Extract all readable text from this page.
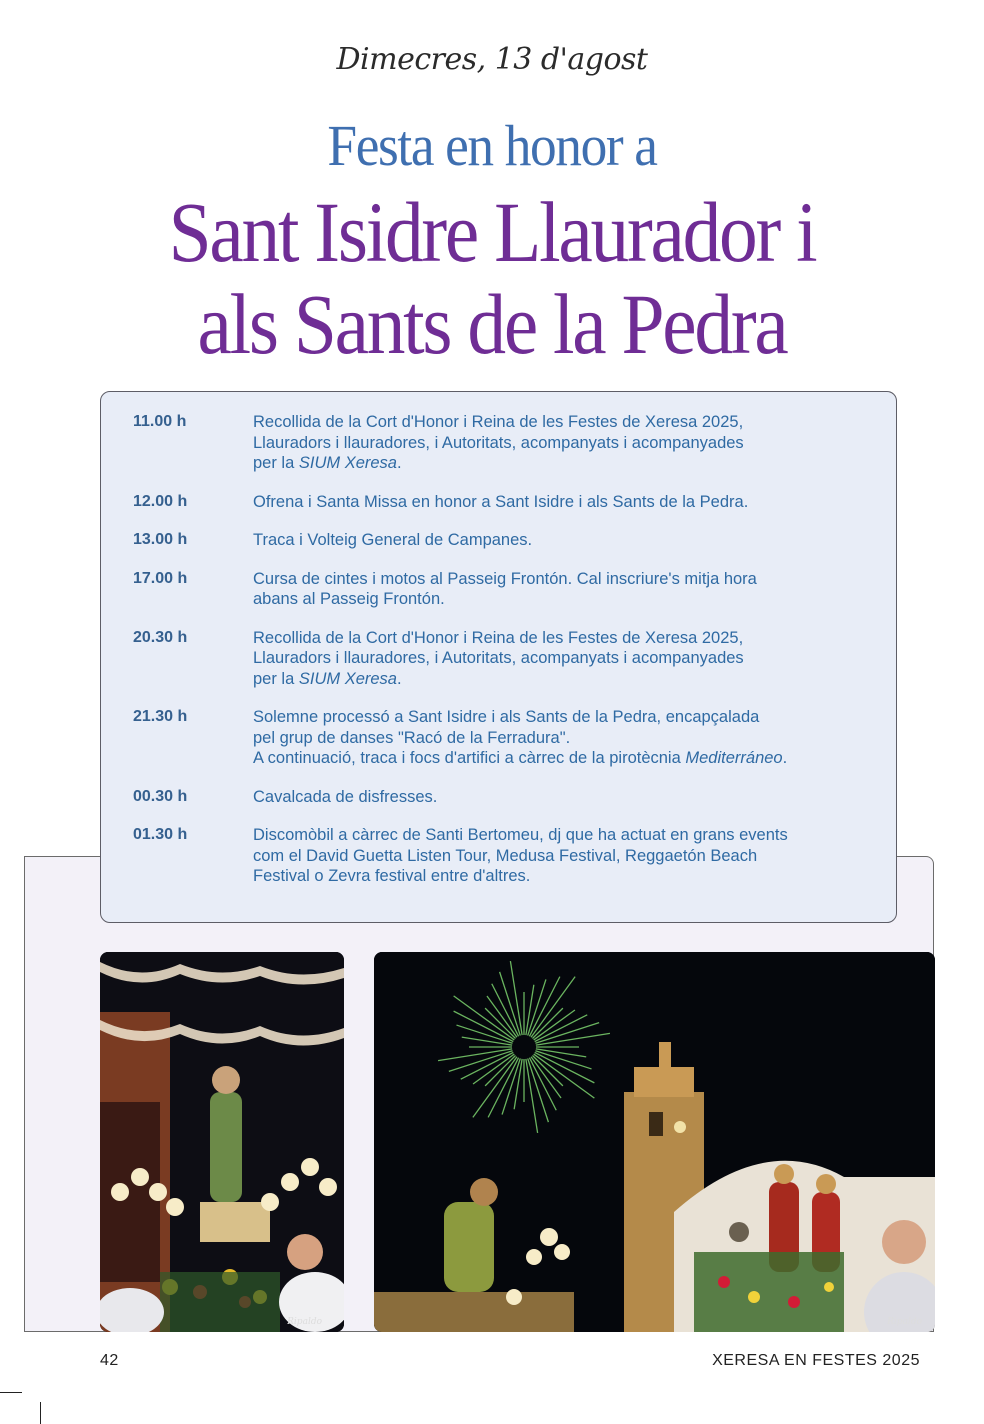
Dimecres, 13 d'agost
Festa en honor a
Sant Isidre Llaurador i
als Sants de la Pedra
11.00 h	Recollida de la Cort d'Honor i Reina de les Festes de Xeresa 2025,
Llauradors i llauradores, i Autoritats, acompanyats i acompanyades
per la SIUM Xeresa.
12.00 h	Ofrena i Santa Missa en honor a Sant Isidre i als Sants de la Pedra.
13.00 h	Traca i Volteig General de Campanes.
17.00 h	Cursa de cintes i motos al Passeig Frontón. Cal inscriure's mitja hora
abans al Passeig Frontón.
20.30 h	Recollida de la Cort d'Honor i Reina de les Festes de Xeresa 2025,
Llauradors i llauradores, i Autoritats, acompanyats i acompanyades
per la SIUM Xeresa.
21.30 h	Solemne processó a Sant Isidre i als Sants de la Pedra, encapçalada
pel grup de danses "Racó de la Ferradura".
A continuació, traca i focs d'artifici a càrrec de la pirotècnia Mediterráneo.
00.30 h	Cavalcada de disfresses.
01.30 h	Discomòbil a càrrec de Santi Bertomeu, dj que ha actuat en grans events
com el David Guetta Listen Tour, Medusa Festival, Reggaetón Beach
Festival o Zevra festival entre d'altres.
Ripaldo	Ripaldo
42	XERESA EN FESTES 2025
